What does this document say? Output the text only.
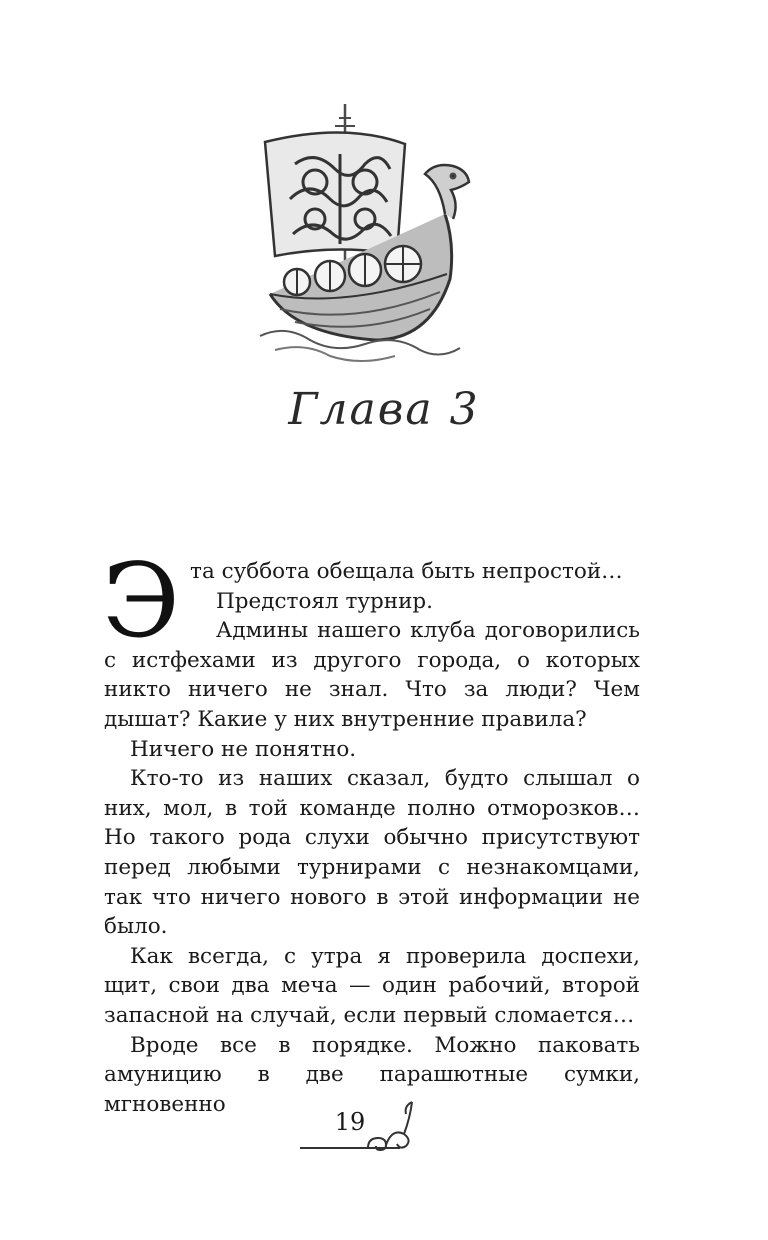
Глава 3
Э та суббота обещала быть непростой…

Предстоял турнир.

Админы нашего клуба договорились с истфехами из другого города, о которых никто ничего не знал. Что за люди? Чем дышат? Какие у них внутренние правила?

Ничего не понятно.

Кто-то из наших сказал, будто слышал о них, мол, в той команде полно отморозков… Но такого рода слухи обычно присутствуют перед любыми турнирами с незнакомцами, так что ничего нового в этой информации не было.

Как всегда, с утра я проверила доспехи, щит, свои два меча — один рабочий, второй запасной на случай, если первый сломается…

Вроде все в порядке. Можно паковать амуницию в две парашютные сумки, мгновенно

19
